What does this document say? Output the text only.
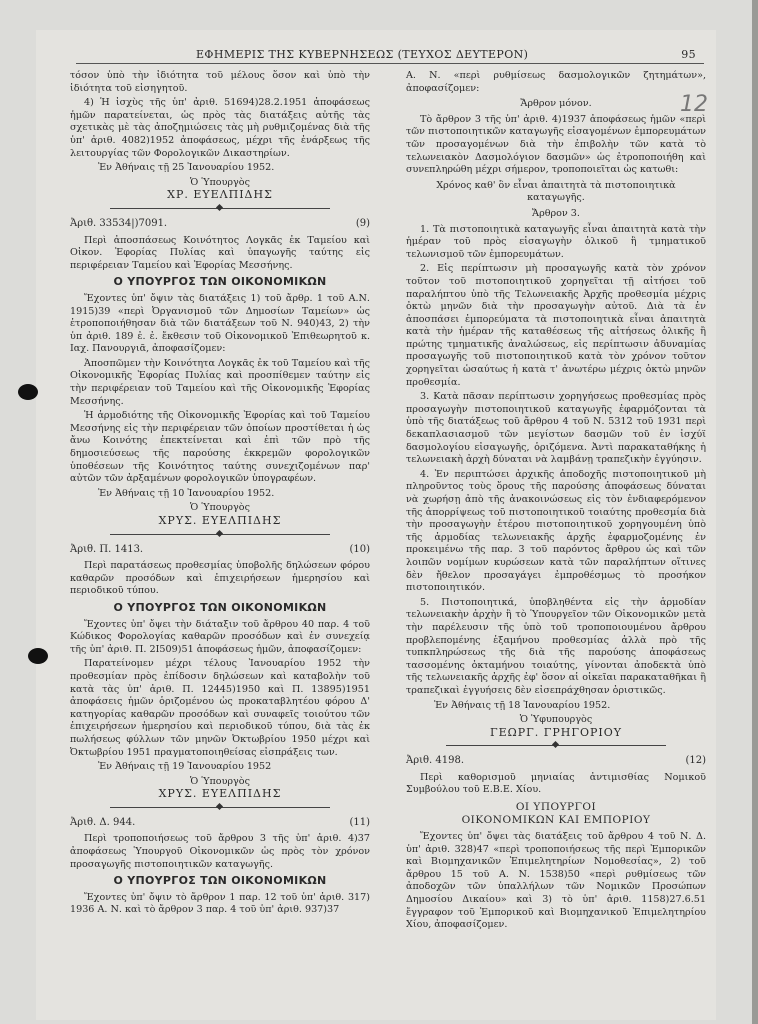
ΕΦΗΜΕΡΙΣ ΤΗΣ ΚΥΒΕΡΝΗΣΕΩΣ (ΤΕΥΧΟΣ ΔΕΥΤΕΡΟΝ)	95

τόσον ὑπὸ τὴν ἰδιότητα τοῦ μέλους ὅσον καὶ ὑπὸ τὴν ἰδιότητα τοῦ εἰσηγητοῦ.

4) Ἡ ἰσχὺς τῆς ὑπ' ἀριθ. 51694)28.2.1951 ἀποφάσεως ἡμῶν παρατείνεται, ὡς πρὸς τὰς διατάξεις αὐτῆς τὰς σχετικὰς μὲ τὰς ἀποζημιώσεις τὰς μὴ ρυθμιζομένας διὰ τῆς ὑπ' ἀριθ. 4082)1952 ἀποφάσεως, μέχρι τῆς ἐνάρξεως τῆς λειτουργίας τῶν Φορολογικῶν Δικαστηρίων.

Ἐν Ἀθήναις τῇ 25 Ἰανουαρίου 1952.

Ὁ Ὑπουργὸς
ΧΡ. ΕΥΕΛΠΙΔΗΣ
Ἀριθ. 33534|)7091.	(9)

Περὶ ἀποσπάσεως Κοινότητος Λογκᾶς ἐκ Ταμείου καὶ Οἰκον. Ἐφορίας Πυλίας καὶ ὑπαγωγῆς ταύτης εἰς περιφέρειαν Ταμείου καὶ Ἐφορίας Μεσσήνης.

Ο ΥΠΟΥΡΓΟΣ ΤΩΝ ΟΙΚΟΝΟΜΙΚΩΝ

Ἔχοντες ὑπ' ὄψιν τὰς διατάξεις 1) τοῦ ἄρθρ. 1 τοῦ Α.Ν. 1915)39 «περὶ Ὀργανισμοῦ τῶν Δημοσίων Ταμείων» ὡς ἐτροποποιήθησαν διὰ τῶν διατάξεων τοῦ Ν. 940)43, 2) τὴν ὑπ ἀριθ. 189 ἐ. ἐ. ἔκθεσιν τοῦ Οἰκονομικοῦ Ἐπιθεωρητοῦ κ. Ιαχ. Πανουργιᾶ, ἀποφασίζομεν:

Ἀποσπῶμεν τὴν Κοινότητα Λογκᾶς ἐκ τοῦ Ταμείου καὶ τῆς Οἰκονομικῆς Ἐφορίας Πυλίας καὶ προσπίθεμεν ταύτην εἰς τὴν περιφέρειαν τοῦ Ταμείου καὶ τῆς Οἰκονομικῆς Ἐφορίας Μεσσήνης.

Ἡ ἁρμοδιότης τῆς Οἰκονομικῆς Ἐφορίας καὶ τοῦ Ταμείου Μεσσήνης εἰς τὴν περιφέρειαν τῶν ὁποίων προστίθεται ἡ ὡς ἄνω Κοινότης ἐπεκτείνεται καὶ ἐπὶ τῶν πρὸ τῆς δημοσιεύσεως τῆς παρούσης ἐκκρεμῶν φορολογικῶν ὑποθέσεων τῆς Κοινότητος ταύτης συνεχιζομένων παρ' αὐτῶν τῶν ἀρξαμένων φορολογικῶν ὑπογραφέων.

Ἐν Ἀθήναις τῇ 10 Ἰανουαρίου 1952.

Ὁ Ὑπουργὸς
ΧΡΥΣ. ΕΥΕΛΠΙΔΗΣ
Ἀριθ. Π. 1413.	(10)

Περὶ παρατάσεως προθεσμίας ὑποβολῆς δηλώσεων φόρου καθαρῶν προσόδων καὶ ἐπιχειρήσεων ἡμερησίου καὶ περιοδικοῦ τύπου.

Ο ΥΠΟΥΡΓΟΣ ΤΩΝ ΟΙΚΟΝΟΜΙΚΩΝ

Ἔχοντες ὑπ' ὄψει τὴν διάταξιν τοῦ ἄρθρου 40 παρ. 4 τοῦ Κώδικος Φορολογίας καθαρῶν προσόδων καὶ ἐν συνεχείᾳ τῆς ὑπ' ἀριθ. Π. 2Ι509)51 ἀποφάσεως ἡμῶν, ἀποφασίζομεν:

Παρατείνομεν μέχρι τέλους Ἰανουαρίου 1952 τὴν προθεσμίαν πρὸς ἐπίδοσιν δηλώσεων καὶ καταβολὴν τοῦ κατὰ τὰς ὑπ' ἀριθ. Π. 12445)1950 καὶ Π. 13895)1951 ἀποφάσεις ἡμῶν ὁριζομένου ὡς προκαταβλητέου φόρου Δ' κατηγορίας καθαρῶν προσόδων καὶ συναφεῖς τοιούτου τῶν ἐπιχειρήσεων ἡμερησίου καὶ περιοδικοῦ τύπου, διὰ τὰς ἐκ πωλήσεως φύλλων τῶν μηνῶν Ὀκτωβρίου 1950 μέχρι καὶ Ὀκτωβρίου 1951 πραγματοποιηθείσας εἰσπράξεις των.

Ἐν Ἀθήναις τῇ 19 Ἰανουαρίου 1952

Ὁ Ὑπουργὸς
ΧΡΥΣ. ΕΥΕΛΠΙΔΗΣ
Ἀριθ. Δ. 944.	(11)

Περὶ τροποποιήσεως τοῦ ἄρθρου 3 τῆς ὑπ' ἀριθ. 4)37 ἀποφάσεως Ὑπουργοῦ Οἰκονομικῶν ὡς πρὸς τὸν χρόνον προσαγωγῆς πιστοποιητικῶν καταγωγῆς.

Ο ΥΠΟΥΡΓΟΣ ΤΩΝ ΟΙΚΟΝΟΜΙΚΩΝ

Ἔχοντες ὑπ' ὄψιν τὸ ἄρθρον 1 παρ. 12 τοῦ ὑπ' ἀριθ. 317) 1936 Α. Ν. καὶ τὸ ἄρθρον 3 παρ. 4 τοῦ ὑπ' ἀριθ. 937)37

Α. Ν. «περὶ ρυθμίσεως δασμολογικῶν ζητημάτων», ἀποφασίζομεν:

Ἄρθρον μόνον.

Τὸ ἄρθρον 3 τῆς ὑπ' ἀριθ. 4)1937 ἀποφάσεως ἡμῶν «περὶ τῶν πιστοποιητικῶν καταγωγῆς εἰσαγομένων ἐμπορευμάτων τῶν προσαγομένων διὰ τὴν ἐπιβολὴν τῶν κατὰ τὸ τελωνειακὸν Δασμολόγιον δασμῶν» ὡς ἐτροποποιήθη καὶ συνεπληρώθη μέχρι σήμερον, τροποποιεῖται ὡς κατωθι:

Χρόνος καθ' ὃν εἶναι ἀπαιτητὰ τὰ πιστοποιητικὰ καταγωγῆς.
Ἄρθρον 3.

1. Τὰ πιστοποιητικὰ καταγωγῆς εἶναι ἀπαιτητὰ κατὰ τὴν ἡμέραν τοῦ πρὸς εἰσαγωγὴν ὁλικοῦ ἢ τμηματικοῦ τελωνισμοῦ τῶν ἐμπορευμάτων.

2. Εἰς περίπτωσιν μὴ προσαγωγῆς κατὰ τὸν χρόνον τοῦτον τοῦ πιστοποιητικοῦ χορηγεῖται τῇ αἰτήσει τοῦ παραλήπτου ὑπὸ τῆς Τελωνειακῆς Ἀρχῆς προθεσμία μέχρις ὀκτὼ μηνῶν διὰ τὴν προσαγωγὴν αὐτοῦ. Διὰ τὰ ἐν ἀποσπάσει ἐμπορεύματα τὰ πιστοποιητικὰ εἶναι ἀπαιτητὰ κατὰ τὴν ἡμέραν τῆς καταθέσεως τῆς αἰτήσεως ὁλικῆς ἢ πρώτης τμηματικῆς ἀναλώσεως, εἰς περίπτωσιν ἀδυναμίας προσαγωγῆς τοῦ πιστοποιητικοῦ κατὰ τὸν χρόνον τοῦτον χορηγεῖται ὡσαύτως ἡ κατὰ τ' ἀνωτέρω μέχρις ὀκτὼ μηνῶν προθεσμία.

3. Κατὰ πᾶσαν περίπτωσιν χορηγήσεως προθεσμίας πρὸς προσαγωγὴν πιστοποιητικοῦ καταγωγῆς ἐφαρμόζονται τὰ ὑπὸ τῆς διατάξεως τοῦ ἄρθρου 4 τοῦ Ν. 5312 τοῦ 1931 περὶ δεκαπλασιασμοῦ τῶν μεγίστων δασμῶν τοῦ ἐν ἰσχύϊ δασμολογίου εἰσαγωγῆς, ὁριζόμενα. Ἀντὶ παρακαταθήκης ἡ τελωνειακὴ ἀρχὴ δύναται νὰ λαμβάνῃ τραπεζικὴν ἐγγύησιν.

4. Ἐν περιπτώσει ἀρχικῆς ἀποδοχῆς πιστοποιητικοῦ μὴ πληροῦντος τοὺς ὅρους τῆς παρούσης ἀποφάσεως δύναται νὰ χωρήσῃ ἀπὸ τῆς ἀνακοινώσεως εἰς τὸν ἐνδιαφερόμενον τῆς ἀπορρίψεως τοῦ πιστοποιητικοῦ τοιαύτης προθεσμία διὰ τὴν προσαγωγὴν ἑτέρου πιστοποιητικοῦ χορηγουμένη ὑπὸ τῆς ἁρμοδίας τελωνειακῆς ἀρχῆς ἐφαρμοζομένης ἐν προκειμένω τῆς παρ. 3 τοῦ παρόντος ἄρθρου ὡς καὶ τῶν λοιπῶν νομίμων κυρώσεων κατὰ τῶν παραλήπτων οἵτινες δὲν ἤθελον προσαγάγει ἐμπροθέσμως τὸ προσήκον πιστοποιητικόν.

5. Πιστοποιητικά, ὑποβληθέντα εἰς τὴν ἁρμοδίαν τελωνειακὴν ἀρχὴν ἢ τὸ Ὑπουργεῖον τῶν Οἰκονομικῶν μετὰ τὴν παρέλευσιν τῆς ὑπὸ τοῦ τροποποιουμένου ἄρθρου προβλεπομένης ἑξαμήνου προθεσμίας ἀλλὰ πρὸ τῆς τυπκπληρώσεως τῆς διὰ τῆς παρούσης ἀποφάσεως τασσομένης ὀκταμήνου τοιαύτης, γίνονται ἀποδεκτὰ ὑπὸ τῆς τελωνειακῆς ἀρχῆς ἐφ' ὅσον αἱ οἰκεῖαι παρακαταθῆκαι ἢ τραπεζικαὶ ἐγγυήσεις δὲν εἰσεπράχθησαν ὁριστικῶς.

Ἐν Ἀθήναις τῇ 18 Ἰανουαρίου 1952.

Ὁ Ὑφυπουργὸς
ΓΕΩΡΓ. ΓΡΗΓΟΡΙΟΥ
Ἀριθ. 4198.	(12)

Περὶ καθορισμοῦ μηνιαίας ἀντιμισθίας Νομικοῦ Συμβούλου τοῦ Ε.Β.Ε. Χίου.

ΟΙ ΥΠΟΥΡΓΟΙ
ΟΙΚΟΝΟΜΙΚΩΝ ΚΑΙ ΕΜΠΟΡΙΟΥ

Ἔχοντες ὑπ' ὄψει τὰς διατάξεις τοῦ ἄρθρου 4 τοῦ Ν. Δ. ὑπ' ἀριθ. 328)47 «περὶ τροποποιήσεως τῆς περὶ Ἐμπορικῶν καὶ Βιομηχανικῶν Ἐπιμελητηρίων Νομοθεσίας», 2) τοῦ ἄρθρου 15 τοῦ Α. Ν. 1538)50 «περὶ ρυθμίσεως τῶν ἀποδοχῶν τῶν ὑπαλλήλων τῶν Νομικῶν Προσώπων Δημοσίου Δικαίου» καὶ 3) τὸ ὑπ' ἀριθ. 1158)27.6.51 ἔγγραφον τοῦ Ἐμπορικοῦ καὶ Βιομηχανικοῦ Ἐπιμελητηρίου Χίου, ἀποφασίζομεν.

12
